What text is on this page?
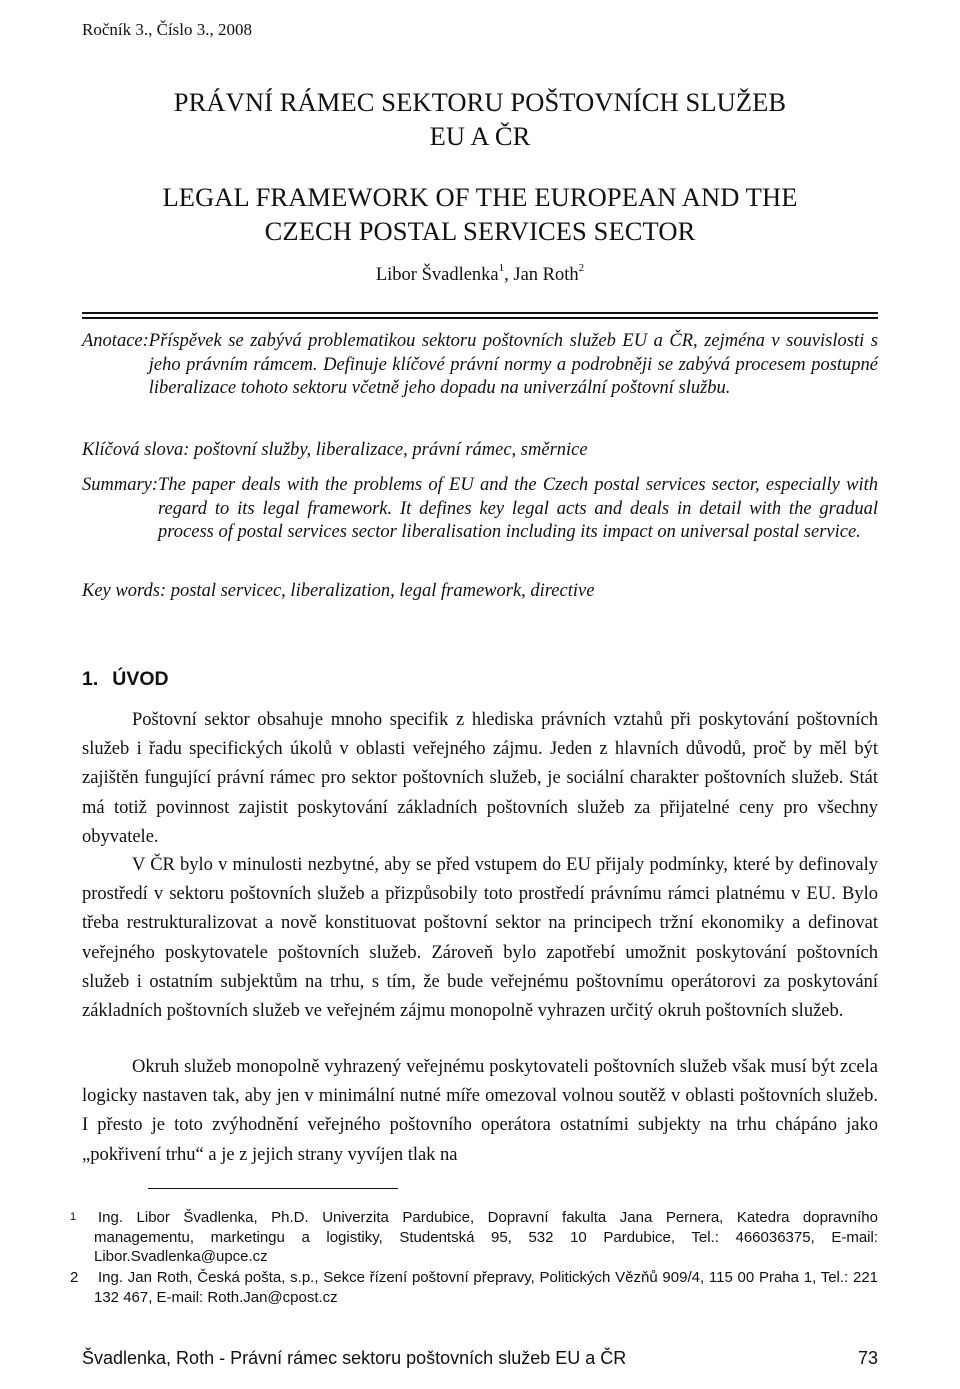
Ročník 3., Číslo 3., 2008
PRÁVNÍ RÁMEC SEKTORU POŠTOVNÍCH SLUŽEB
EU A ČR
LEGAL FRAMEWORK OF THE EUROPEAN AND THE
CZECH POSTAL SERVICES SECTOR
Libor Švadlenka$^1$, Jan Roth$^2$
Anotace: Příspěvek se zabývá problematikou sektoru poštovních služeb EU a ČR, zejména v souvislosti s jeho právním rámcem. Definuje klíčové právní normy a podrobněji se zabývá procesem postupné liberalizace tohoto sektoru včetně jeho dopadu na univerzální poštovní službu.
Klíčová slova: poštovní služby, liberalizace, právní rámec, směrnice
Summary: The paper deals with the problems of EU and the Czech postal services sector, especially with regard to its legal framework. It defines key legal acts and deals in detail with the gradual process of postal services sector liberalisation including its impact on universal postal service.
Key words: postal servicec, liberalization, legal framework, directive
1. ÚVOD
Poštovní sektor obsahuje mnoho specifik z hlediska právních vztahů při poskytování poštovních služeb i řadu specifických úkolů v oblasti veřejného zájmu. Jeden z hlavních důvodů, proč by měl být zajištěn fungující právní rámec pro sektor poštovních služeb, je sociální charakter poštovních služeb. Stát má totiž povinnost zajistit poskytování základních poštovních služeb za přijatelné ceny pro všechny obyvatele.
V ČR bylo v minulosti nezbytné, aby se před vstupem do EU přijaly podmínky, které by definovaly prostředí v sektoru poštovních služeb a přizpůsobily toto prostředí právnímu rámci platnému v EU. Bylo třeba restrukturalizovat a nově konstituovat poštovní sektor na principech tržní ekonomiky a definovat veřejného poskytovatele poštovních služeb. Zároveň bylo zapotřebí umožnit poskytování poštovních služeb i ostatním subjektům na trhu, s tím, že bude veřejnému poštovnímu operátorovi za poskytování základních poštovních služeb ve veřejném zájmu monopolně vyhrazen určitý okruh poštovních služeb.
Okruh služeb monopolně vyhrazený veřejnému poskytovateli poštovních služeb však musí být zcela logicky nastaven tak, aby jen v minimální nutné míře omezoval volnou soutěž v oblasti poštovních služeb. I přesto je toto zvýhodnění veřejného poštovního operátora ostatními subjekty na trhu chápáno jako „pokřivení trhu“ a je z jejich strany vyvíjen tlak na
1 Ing. Libor Švadlenka, Ph.D. Univerzita Pardubice, Dopravní fakulta Jana Pernera, Katedra dopravního managementu, marketingu a logistiky, Studentská 95, 532 10 Pardubice, Tel.: 466036375, E-mail: Libor.Svadlenka@upce.cz
2 Ing. Jan Roth, Česká pošta, s.p., Sekce řízení poštovní přepravy, Politických Vězňů 909/4, 115 00 Praha 1, Tel.: 221 132 467, E-mail: Roth.Jan@cpost.cz
Švadlenka, Roth - Právní rámec sektoru poštovních služeb EU a ČR	73
